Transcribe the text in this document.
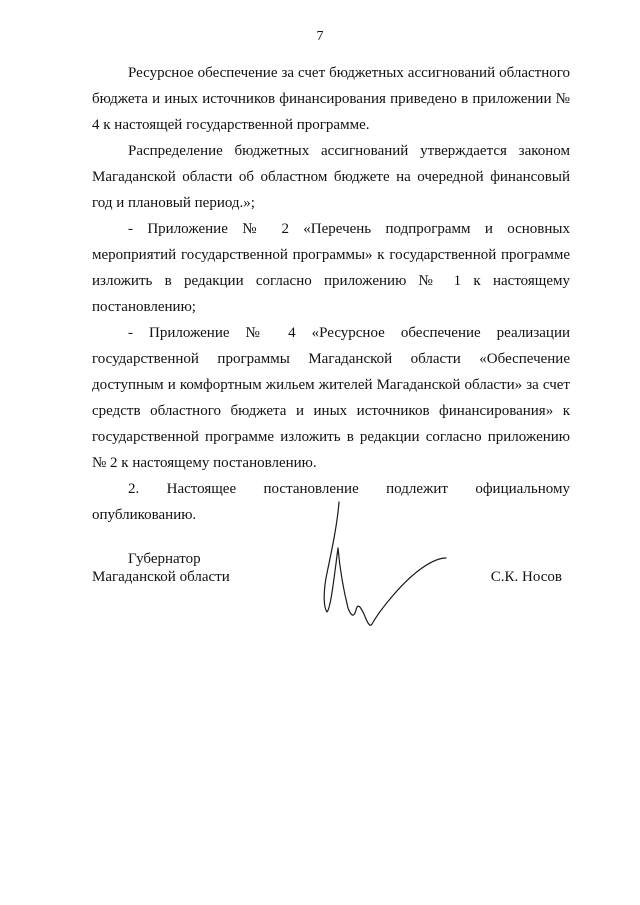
7

Ресурсное обеспечение за счет бюджетных ассигнований областного бюджета и иных источников финансирования приведено в приложении № 4 к настоящей государственной программе.

Распределение бюджетных ассигнований утверждается законом Магаданской области об областном бюджете на очередной финансовый год и плановый период.»;

- Приложение № 2 «Перечень подпрограмм и основных мероприятий государственной программы» к государственной программе изложить в редакции согласно приложению № 1 к настоящему постановлению;

- Приложение № 4 «Ресурсное обеспечение реализации государственной программы Магаданской области «Обеспечение доступным и комфортным жильем жителей Магаданской области» за счет средств областного бюджета и иных источников финансирования» к государственной программе изложить в редакции согласно приложению № 2 к настоящему постановлению.

2. Настоящее постановление подлежит официальному опубликованию.

Губернатор
Магаданской области	С.К. Носов
